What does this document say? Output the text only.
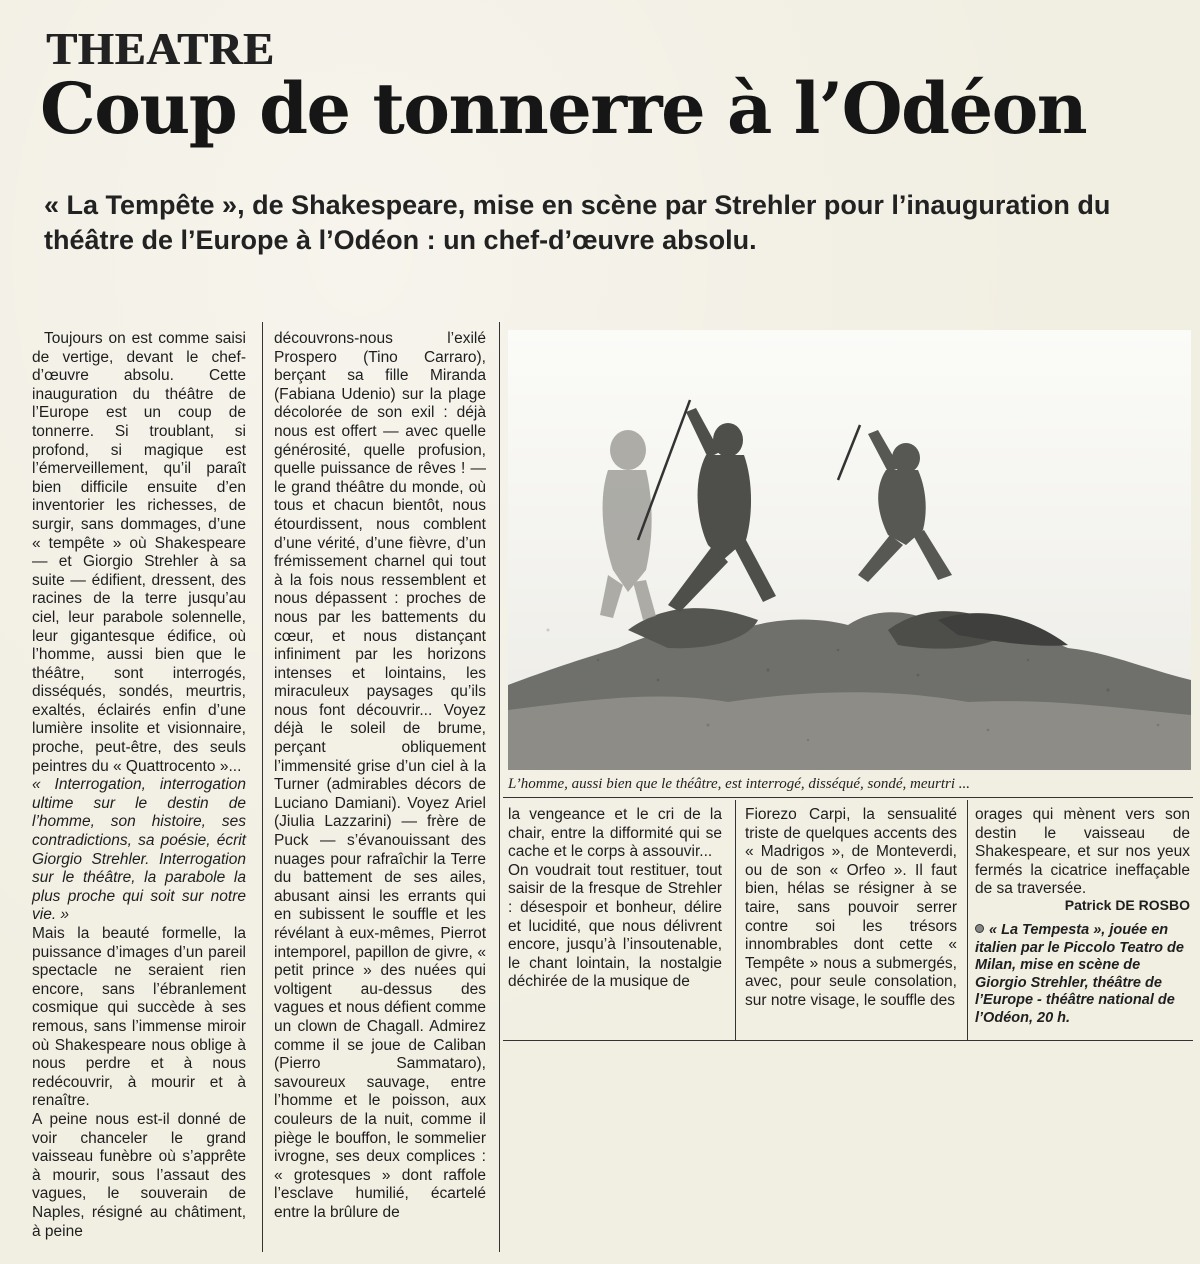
THEATRE
Coup de tonnerre à l’Odéon
« La Tempête », de Shakespeare, mise en scène par Strehler pour l’inauguration du théâtre de l’Europe à l’Odéon : un chef-d’œuvre absolu.

Toujours on est comme saisi de vertige, devant le chef-d’œuvre absolu. Cette inauguration du théâtre de l’Europe est un coup de tonnerre. Si troublant, si profond, si magique est l’émerveillement, qu’il paraît bien difficile ensuite d’en inventorier les richesses, de surgir, sans dommages, d’une « tempête » où Shakespeare — et Giorgio Strehler à sa suite — édifient, dressent, des racines de la terre jusqu’au ciel, leur parabole solennelle, leur gigantesque édifice, où l’homme, aussi bien que le théâtre, sont interrogés, disséqués, sondés, meurtris, exaltés, éclairés enfin d’une lumière insolite et visionnaire, proche, peut-être, des seuls peintres du « Quattrocento »...

« Interrogation, interrogation ultime sur le destin de l’homme, son histoire, ses contradictions, sa poésie, écrit Giorgio Strehler. Interrogation sur le théâtre, la parabole la plus proche qui soit sur notre vie. »

Mais la beauté formelle, la puissance d’images d’un pareil spectacle ne seraient rien encore, sans l’ébranlement cosmique qui succède à ses remous, sans l’immense miroir où Shakespeare nous oblige à nous perdre et à nous redécouvrir, à mourir et à renaître.

A peine nous est-il donné de voir chanceler le grand vaisseau funèbre où s’apprête à mourir, sous l’assaut des vagues, le souverain de Naples, résigné au châtiment, à peine

découvrons-nous l’exilé Prospero (Tino Carraro), berçant sa fille Miranda (Fabiana Udenio) sur la plage décolorée de son exil : déjà nous est offert — avec quelle générosité, quelle profusion, quelle puissance de rêves ! — le grand théâtre du monde, où tous et chacun bientôt, nous étourdissent, nous comblent d’une vérité, d’une fièvre, d’un frémissement charnel qui tout à la fois nous ressemblent et nous dépassent : proches de nous par les battements du cœur, et nous distançant infiniment par les horizons intenses et lointains, les miraculeux paysages qu’ils nous font découvrir... Voyez déjà le soleil de brume, perçant obliquement l’immensité grise d’un ciel à la Turner (admirables décors de Luciano Damiani). Voyez Ariel (Jiulia Lazzarini) — frère de Puck — s’évanouissant des nuages pour rafraîchir la Terre du battement de ses ailes, abusant ainsi les errants qui en subissent le souffle et les révélant à eux-mêmes, Pierrot intemporel, papillon de givre, « petit prince » des nuées qui voltigent au-dessus des vagues et nous défient comme un clown de Chagall. Admirez comme il se joue de Caliban (Pierro Sammataro), savoureux sauvage, entre l’homme et le poisson, aux couleurs de la nuit, comme il piège le bouffon, le sommelier ivrogne, ses deux complices : « grotesques » dont raffole l’esclave humilié, écartelé entre la brûlure de

L’homme, aussi bien que le théâtre, est interrogé, disséqué, sondé, meurtri ...

la vengeance et le cri de la chair, entre la difformité qui se cache et le corps à assouvir...

On voudrait tout restituer, tout saisir de la fresque de Strehler : désespoir et bonheur, délire et lucidité, que nous délivrent encore, jusqu’à l’insoutenable, le chant lointain, la nostalgie déchirée de la musique de

Fiorezo Carpi, la sensualité triste de quelques accents des « Madrigos », de Monteverdi, ou de son « Orfeo ». Il faut bien, hélas se résigner à se taire, sans pouvoir serrer contre soi les trésors innombrables dont cette « Tempête » nous a submergés, avec, pour seule consolation, sur notre visage, le souffle des

orages qui mènent vers son destin le vaisseau de Shakespeare, et sur nos yeux fermés la cicatrice ineffaçable de sa traversée.

Patrick DE ROSBO
« La Tempesta », jouée en italien par le Piccolo Teatro de Milan, mise en scène de Giorgio Strehler, théâtre de l’Europe - théâtre national de l’Odéon, 20 h.
